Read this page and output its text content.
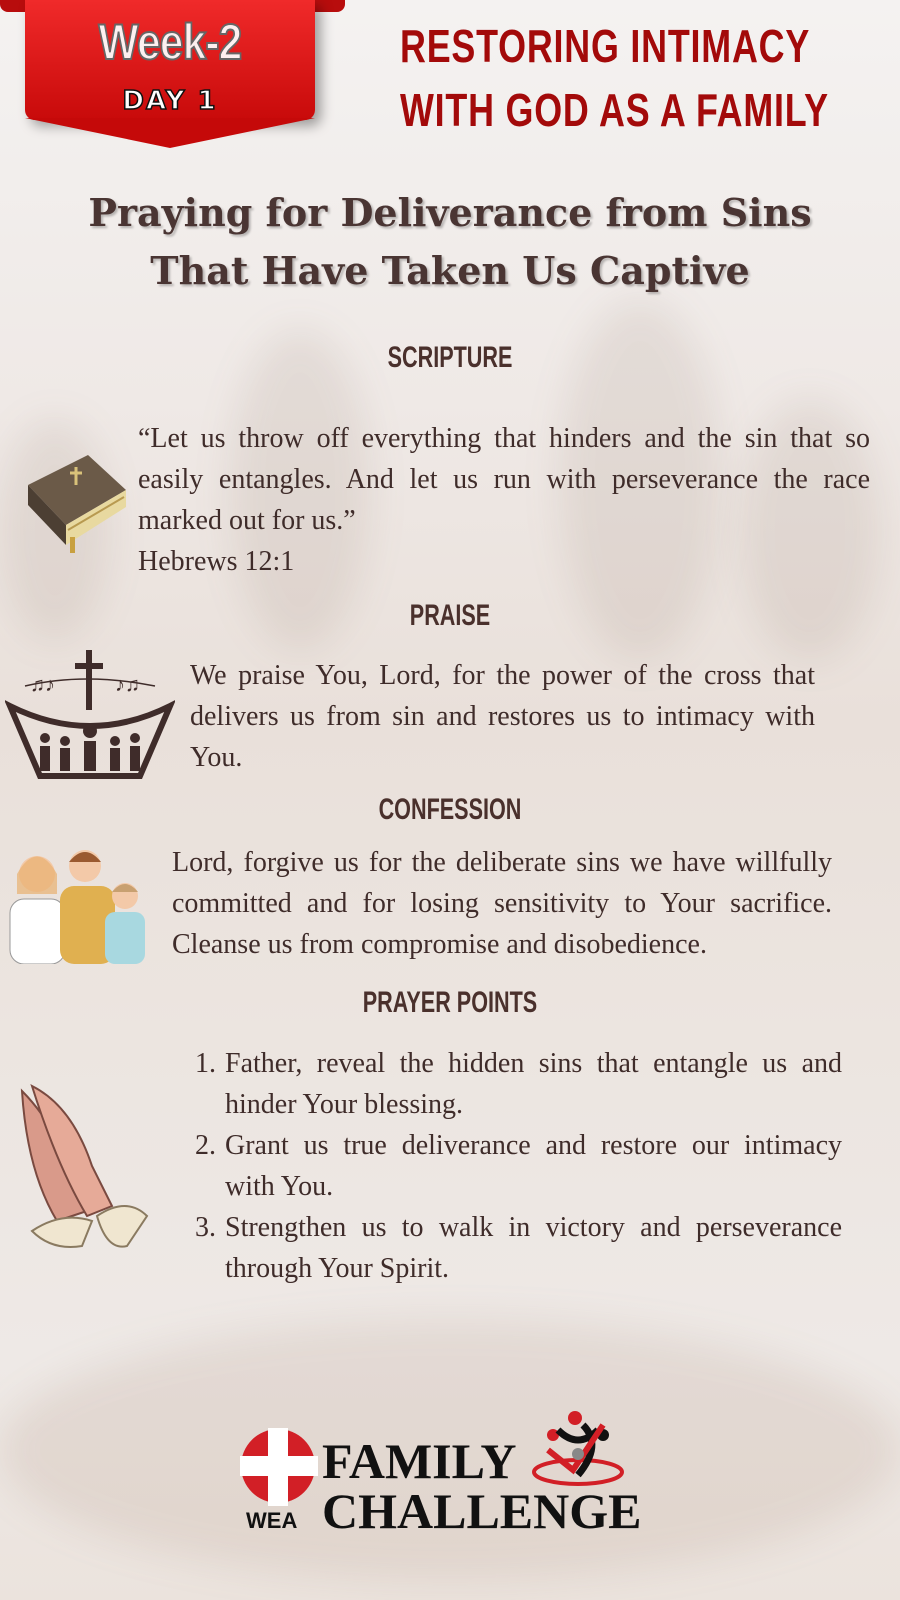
Week-2
DAY 1
RESTORING INTIMACY
WITH GOD AS A FAMILY
Praying for Deliverance from Sins
That Have Taken Us Captive
SCRIPTURE
“Let us throw off everything that hinders and the sin that so easily entangles. And let us run with perseverance the race marked out for us.”
Hebrews 12:1
PRAISE
♫♪	♪♫ We praise You, Lord, for the power of the cross that delivers us from sin and restores us to intimacy with You.
CONFESSION
Lord, forgive us for the deliberate sins we have willfully committed and for losing sensitivity to Your sacrifice. Cleanse us from compromise and disobedience.
PRAYER POINTS
1. Father, reveal the hidden sins that entangle us and hinder Your blessing.
2. Grant us true deliverance and restore our intimacy with You.
3. Strengthen us to walk in victory and perseverance through Your Spirit.
WEA
FAMILY
CHALLENGE
